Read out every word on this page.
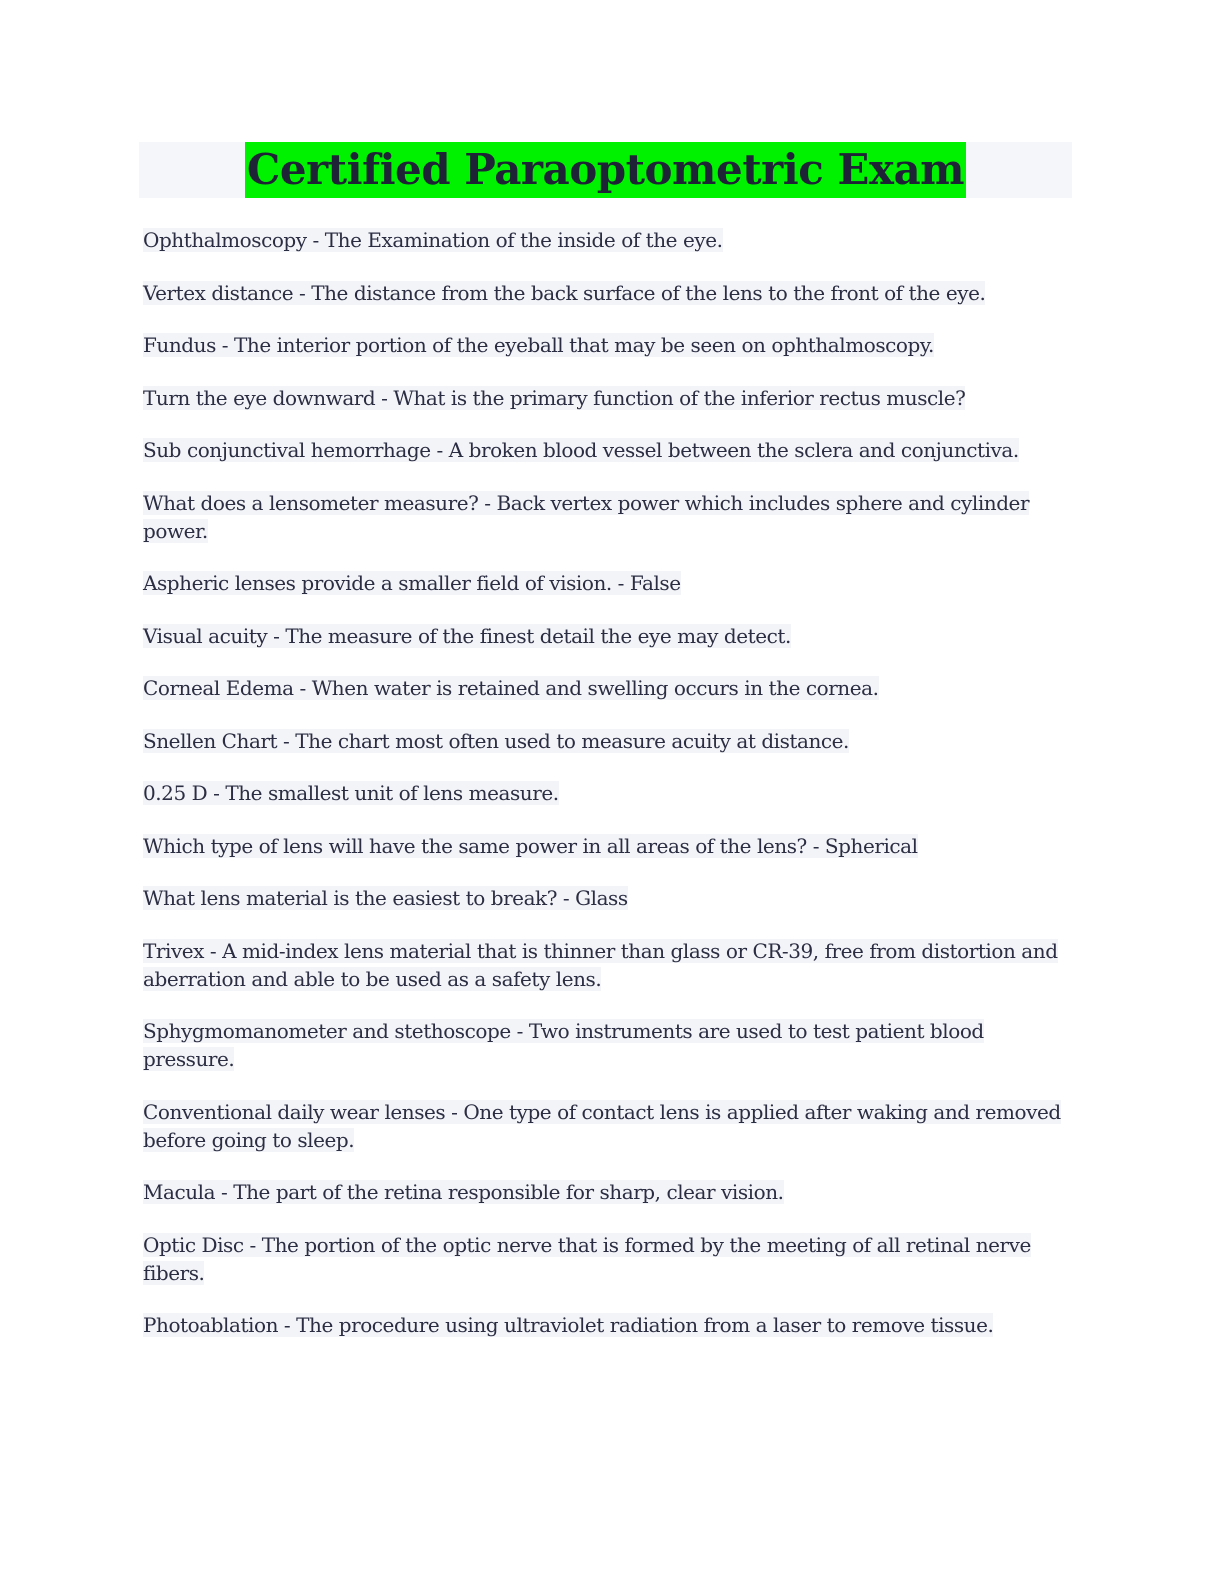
Certified Paraoptometric Exam
Ophthalmoscopy - The Examination of the inside of the eye.
Vertex distance - The distance from the back surface of the lens to the front of the eye.
Fundus - The interior portion of the eyeball that may be seen on ophthalmoscopy.
Turn the eye downward - What is the primary function of the inferior rectus muscle?
Sub conjunctival hemorrhage - A broken blood vessel between the sclera and conjunctiva.
What does a lensometer measure? - Back vertex power which includes sphere and cylinder power.
Aspheric lenses provide a smaller field of vision. - False
Visual acuity - The measure of the finest detail the eye may detect.
Corneal Edema - When water is retained and swelling occurs in the cornea.
Snellen Chart - The chart most often used to measure acuity at distance.
0.25 D - The smallest unit of lens measure.
Which type of lens will have the same power in all areas of the lens? - Spherical
What lens material is the easiest to break? - Glass
Trivex - A mid-index lens material that is thinner than glass or CR-39, free from distortion and aberration and able to be used as a safety lens.
Sphygmomanometer and stethoscope - Two instruments are used to test patient blood pressure.
Conventional daily wear lenses - One type of contact lens is applied after waking and removed before going to sleep.
Macula - The part of the retina responsible for sharp, clear vision.
Optic Disc - The portion of the optic nerve that is formed by the meeting of all retinal nerve fibers.
Photoablation - The procedure using ultraviolet radiation from a laser to remove tissue.
